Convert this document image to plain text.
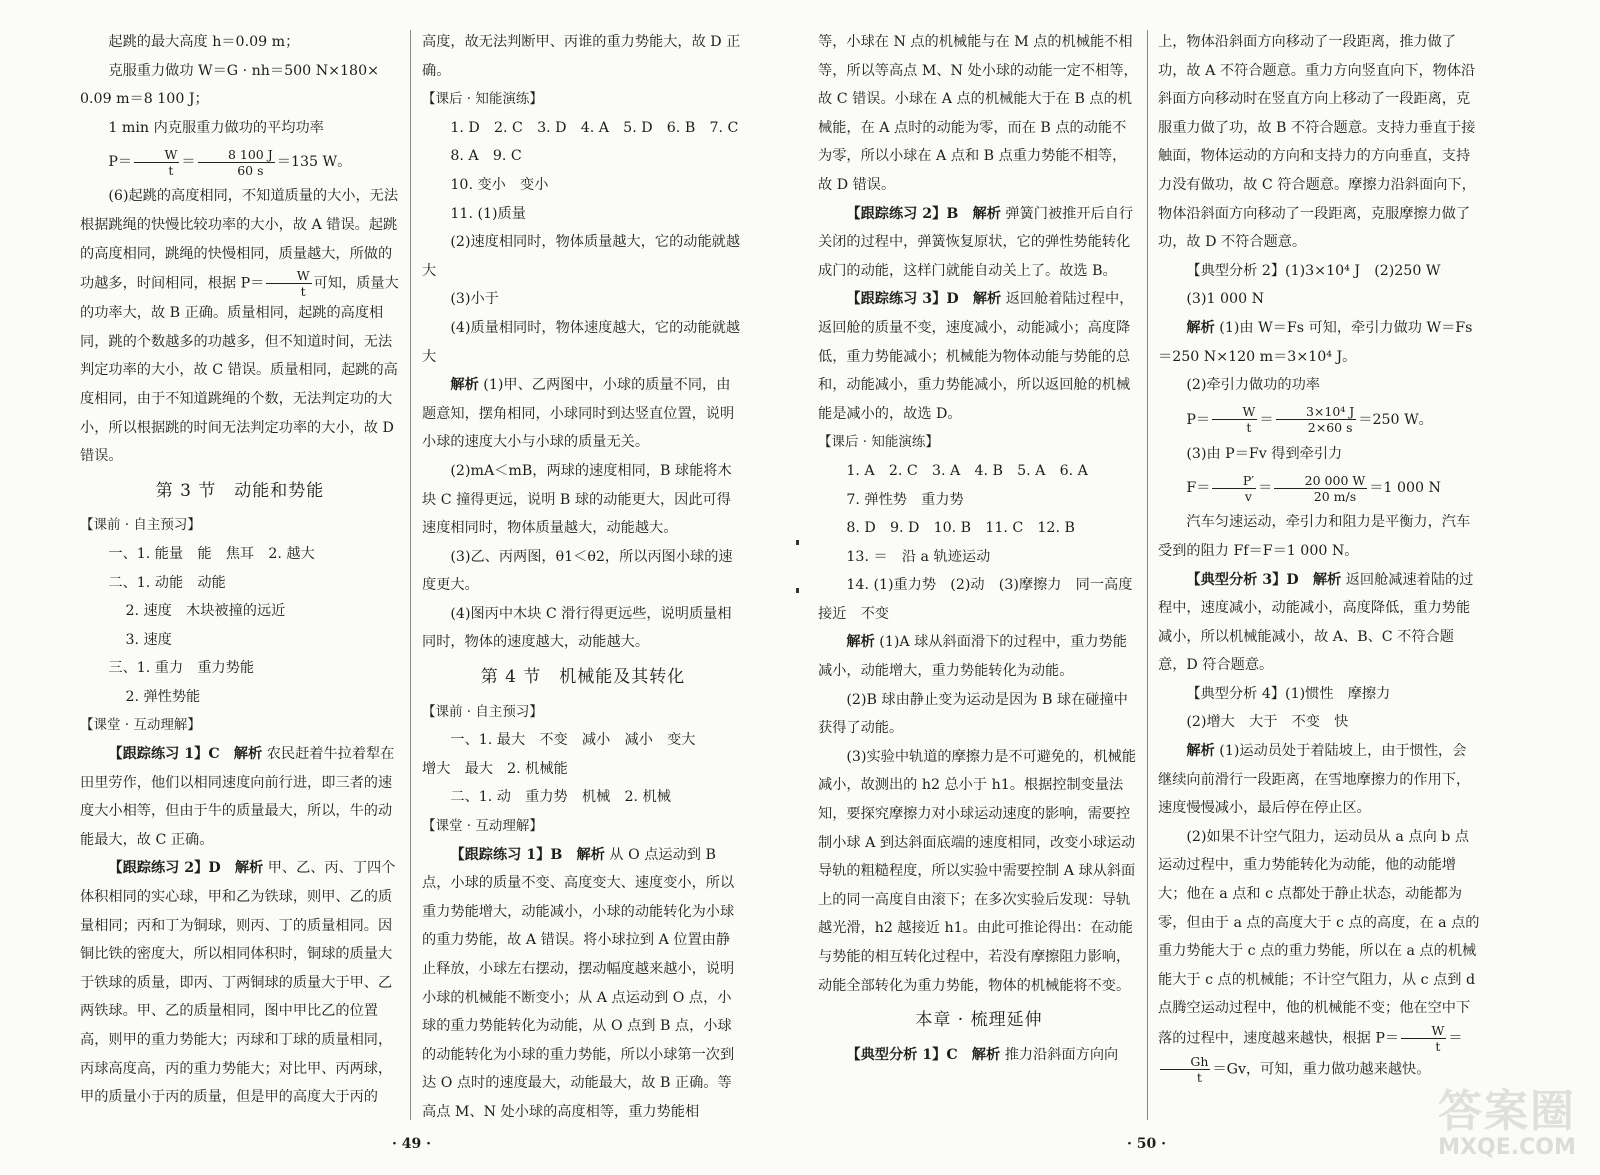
起跳的最大高度 h＝0.09 m；

克服重力做功 W＝G · nh＝500 N×180×

0.09 m＝8 100 J；

1 min 内克服重力做功的平均功率

$P= \frac{W}{t} = \frac{8 100 J}{60 s} =135$ W。

(6)起跳的高度相同，不知道质量的大小，无法根据跳绳的快慢比较功率的大小，故 A 错误。起跳的高度相同，跳绳的快慢相同，质量越大，所做的功越多，时间相同，根据 $P= \frac{W}{t}$ 可知，质量大的功率大，故 B 正确。质量相同，起跳的高度相同，跳的个数越多的功越多，但不知道时间，无法判定功率的大小，故 C 错误。质量相同，起跳的高度相同，由于不知道跳绳的个数，无法判定功的大小，所以根据跳的时间无法判定功率的大小，故 D 错误。

第 3 节　动能和势能

【课前 · 自主预习】

一、1. 能量　能　焦耳　2. 越大

二、1. 动能　动能

2. 速度　木块被撞的远近

3. 速度

三、1. 重力　重力势能

2. 弹性势能

【课堂 · 互动理解】

【跟踪练习 1】C　解析 农民赶着牛拉着犁在田里劳作，他们以相同速度向前行进，即三者的速度大小相等，但由于牛的质量最大，所以，牛的动能最大，故 C 正确。

【跟踪练习 2】D　解析 甲、乙、丙、丁四个体积相同的实心球，甲和乙为铁球，则甲、乙的质量相同；丙和丁为铜球，则丙、丁的质量相同。因铜比铁的密度大，所以相同体积时，铜球的质量大于铁球的质量，即丙、丁两铜球的质量大于甲、乙两铁球。甲、乙的质量相同，图中甲比乙的位置高，则甲的重力势能大；丙球和丁球的质量相同，丙球高度高，丙的重力势能大；对比甲、丙两球，甲的质量小于丙的质量，但是甲的高度大于丙的

高度，故无法判断甲、丙谁的重力势能大，故 D 正确。

【课后 · 知能演练】

1. D　2. C　3. D　4. A　5. D　6. B　7. C

8. A　9. C

10. 变小　变小

11. (1)质量

(2)速度相同时，物体质量越大，它的动能就越大

(3)小于

(4)质量相同时，物体速度越大，它的动能就越大

解析 (1)甲、乙两图中，小球的质量不同，由题意知，摆角相同，小球同时到达竖直位置，说明小球的速度大小与小球的质量无关。

(2)mA＜mB，两球的速度相同，B 球能将木块 C 撞得更远，说明 B 球的动能更大，因此可得速度相同时，物体质量越大，动能越大。

(3)乙、丙两图，θ1＜θ2，所以丙图小球的速度更大。

(4)图丙中木块 C 滑行得更远些，说明质量相同时，物体的速度越大，动能越大。

第 4 节　机械能及其转化

【课前 · 自主预习】

一、1. 最大　不变　减小　减小　变大

增大　最大　2. 机械能

二、1. 动　重力势　机械　2. 机械

【课堂 · 互动理解】

【跟踪练习 1】B　解析 从 O 点运动到 B 点，小球的质量不变、高度变大、速度变小，所以重力势能增大，动能减小，小球的动能转化为小球的重力势能，故 A 错误。将小球拉到 A 位置由静止释放，小球左右摆动，摆动幅度越来越小，说明小球的机械能不断变小；从 A 点运动到 O 点，小球的重力势能转化为动能，从 O 点到 B 点，小球的动能转化为小球的重力势能，所以小球第一次到达 O 点时的速度最大，动能最大，故 B 正确。等高点 M、N 处小球的高度相等，重力势能相

· 49 ·

等，小球在 N 点的机械能与在 M 点的机械能不相等，所以等高点 M、N 处小球的动能一定不相等，故 C 错误。小球在 A 点的机械能大于在 B 点的机械能，在 A 点时的动能为零，而在 B 点的动能不为零，所以小球在 A 点和 B 点重力势能不相等，故 D 错误。

【跟踪练习 2】B　解析 弹簧门被推开后自行关闭的过程中，弹簧恢复原状，它的弹性势能转化成门的动能，这样门就能自动关上了。故选 B。

【跟踪练习 3】D　解析 返回舱着陆过程中，返回舱的质量不变，速度减小，动能减小；高度降低，重力势能减小；机械能为物体动能与势能的总和，动能减小，重力势能减小，所以返回舱的机械能是减小的，故选 D。

【课后 · 知能演练】

1. A　2. C　3. A　4. B　5. A　6. A

7. 弹性势　重力势

8. D　9. D　10. B　11. C　12. B

13. ＝　沿 a 轨迹运动

14. (1)重力势　(2)动　(3)摩擦力　同一高度　接近　不变

解析 (1)A 球从斜面滑下的过程中，重力势能减小，动能增大，重力势能转化为动能。

(2)B 球由静止变为运动是因为 B 球在碰撞中获得了动能。

(3)实验中轨道的摩擦力是不可避免的，机械能减小，故测出的 h2 总小于 h1。根据控制变量法知，要探究摩擦力对小球运动速度的影响，需要控制小球 A 到达斜面底端的速度相同，改变小球运动导轨的粗糙程度，所以实验中需要控制 A 球从斜面上的同一高度自由滚下；在多次实验后发现：导轨越光滑，h2 越接近 h1。由此可推论得出：在动能与势能的相互转化过程中，若没有摩擦阻力影响，动能全部转化为重力势能，物体的机械能将不变。

本章 · 梳理延伸

【典型分析 1】C　解析 推力沿斜面方向向

上，物体沿斜面方向移动了一段距离，推力做了功，故 A 不符合题意。重力方向竖直向下，物体沿斜面方向移动时在竖直方向上移动了一段距离，克服重力做了功，故 B 不符合题意。支持力垂直于接触面，物体运动的方向和支持力的方向垂直，支持力没有做功，故 C 符合题意。摩擦力沿斜面向下，物体沿斜面方向移动了一段距离，克服摩擦力做了功，故 D 不符合题意。

【典型分析 2】(1)3×10⁴ J　(2)250 W

(3)1 000 N

解析 (1)由 W＝Fs 可知，牵引力做功 W＝Fs＝250 N×120 m＝3×10⁴ J。

(2)牵引力做功的功率

$P= \frac{W}{t} = \frac{\text{3×10⁴ J}}{2\times 60 s} =250$ W。

(3)由 P＝Fv 得到牵引力

$F= \frac{P'}{v} = \frac{20 000 W}{20 m/s} =1$ 000 N

汽车匀速运动，牵引力和阻力是平衡力，汽车受到的阻力 Ff＝F＝1 000 N。

【典型分析 3】D　解析 返回舱减速着陆的过程中，速度减小，动能减小，高度降低，重力势能减小，所以机械能减小，故 A、B、C 不符合题意，D 符合题意。

【典型分析 4】(1)惯性　摩擦力

(2)增大　大于　不变　快

解析 (1)运动员处于着陆坡上，由于惯性，会继续向前滑行一段距离，在雪地摩擦力的作用下，速度慢慢减小，最后停在停止区。

(2)如果不计空气阻力，运动员从 a 点向 b 点运动过程中，重力势能转化为动能，他的动能增大；他在 a 点和 c 点都处于静止状态，动能都为零，但由于 a 点的高度大于 c 点的高度，在 a 点的重力势能大于 c 点的重力势能，所以在 a 点的机械能大于 c 点的机械能；不计空气阻力，从 c 点到 d 点腾空运动过程中，他的机械能不变；他在空中下落的过程中，速度越来越快，根据 $P= \frac{W}{t}$ ＝
$\frac{Gh}{t} =Gv$，可知，重力做功越来越快。

· 50 ·
答案圈
MXQE.COM
